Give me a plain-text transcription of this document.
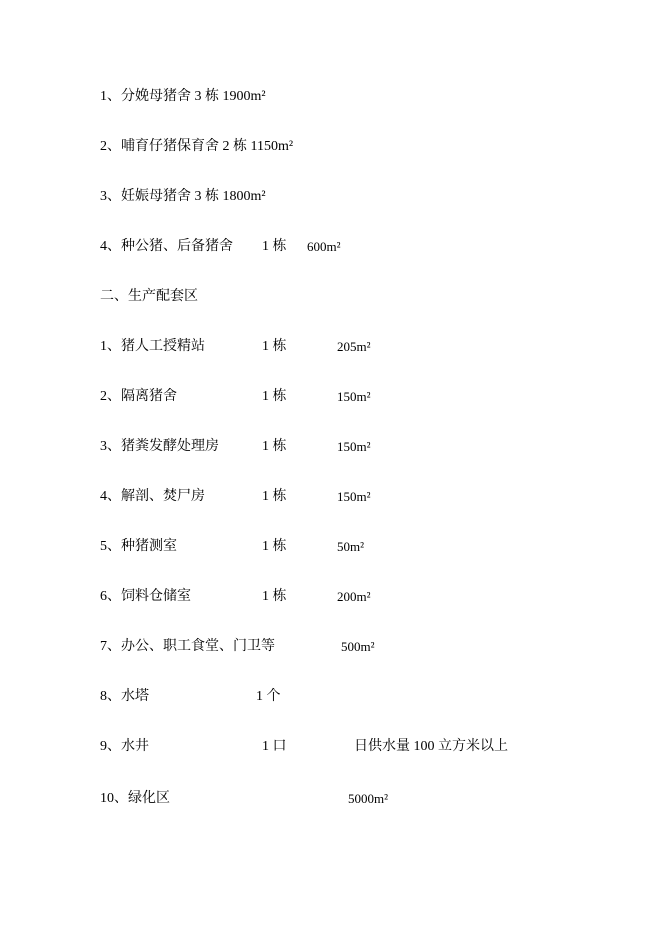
1、分娩母猪舍 3 栋 1900m²
2、哺育仔猪保育舍 2 栋 1150m²
3、妊娠母猪舍 3 栋 1800m²
4、种公猪、后备猪舍 1 栋 600m²
二、生产配套区
1、猪人工授精站	1 栋	205m²
2、隔离猪舍	1 栋	150m²
3、猪粪发酵处理房	1 栋	150m²
4、解剖、焚尸房	1 栋	150m²
5、种猪测室	1 栋	50m²
6、饲料仓储室	1 栋	200m²
7、办公、职工食堂、门卫等	500m²
8、水塔	1 个
9、水井	1 口	日供水量 100 立方米以上
10、绿化区	5000m²
